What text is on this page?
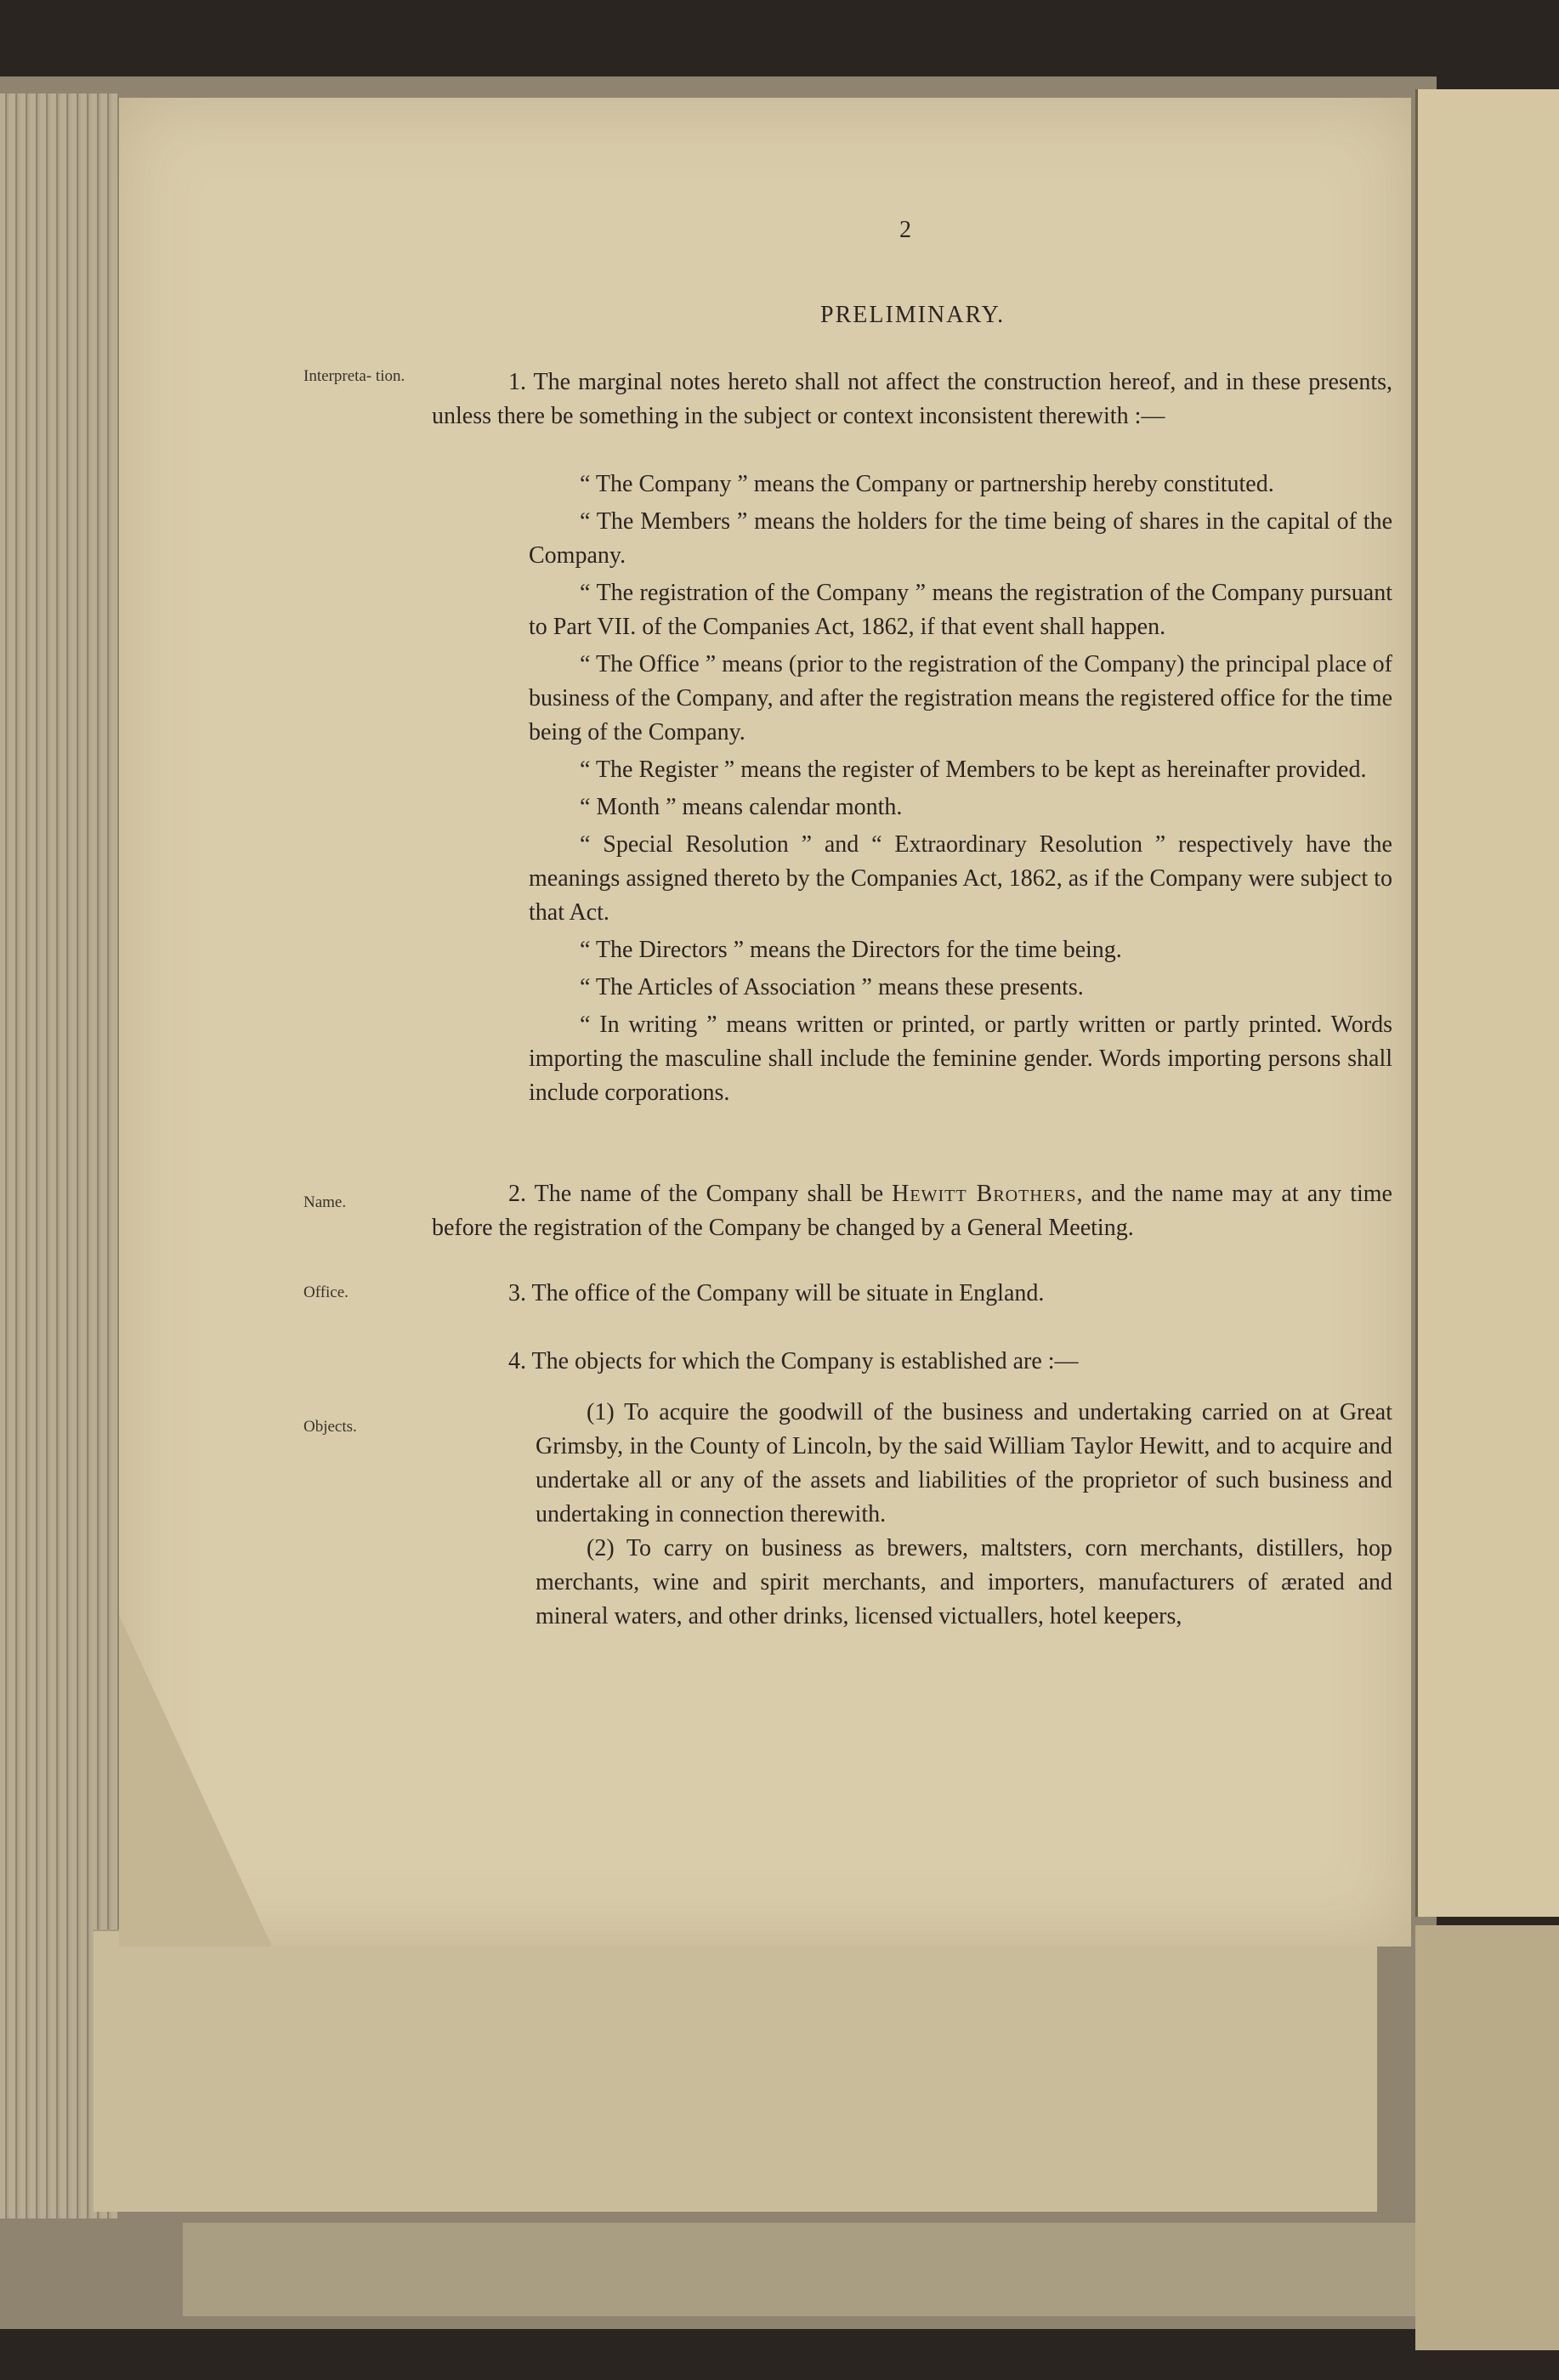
2
PRELIMINARY.
Interpreta- tion.
Name.
Office.
Objects.
1. The marginal notes hereto shall not affect the construction hereof, and in these presents, unless there be something in the subject or context inconsistent therewith :—

“ The Company ” means the Company or partnership hereby constituted.

“ The Members ” means the holders for the time being of shares in the capital of the Company.

“ The registration of the Company ” means the registration of the Company pursuant to Part VII. of the Companies Act, 1862, if that event shall happen.

“ The Office ” means (prior to the registration of the Company) the principal place of business of the Company, and after the registration means the registered office for the time being of the Company.

“ The Register ” means the register of Members to be kept as hereinafter provided.

“ Month ” means calendar month.

“ Special Resolution ” and “ Extraordinary Resolution ” respectively have the meanings assigned thereto by the Companies Act, 1862, as if the Company were subject to that Act.

“ The Directors ” means the Directors for the time being.

“ The Articles of Association ” means these presents.

“ In writing ” means written or printed, or partly written or partly printed. Words importing the masculine shall include the feminine gender. Words importing persons shall include corporations.

2. The name of the Company shall be Hewitt Brothers, and the name may at any time before the registration of the Company be changed by a General Meeting.
3. The office of the Company will be situate in England.
4. The objects for which the Company is established are :—
(1) To acquire the goodwill of the business and undertaking carried on at Great Grimsby, in the County of Lincoln, by the said William Taylor Hewitt, and to acquire and undertake all or any of the assets and liabilities of the proprietor of such business and undertaking in connection therewith.
(2) To carry on business as brewers, maltsters, corn merchants, distillers, hop merchants, wine and spirit merchants, and importers, manufacturers of ærated and mineral waters, and other drinks, licensed victuallers, hotel keepers,
